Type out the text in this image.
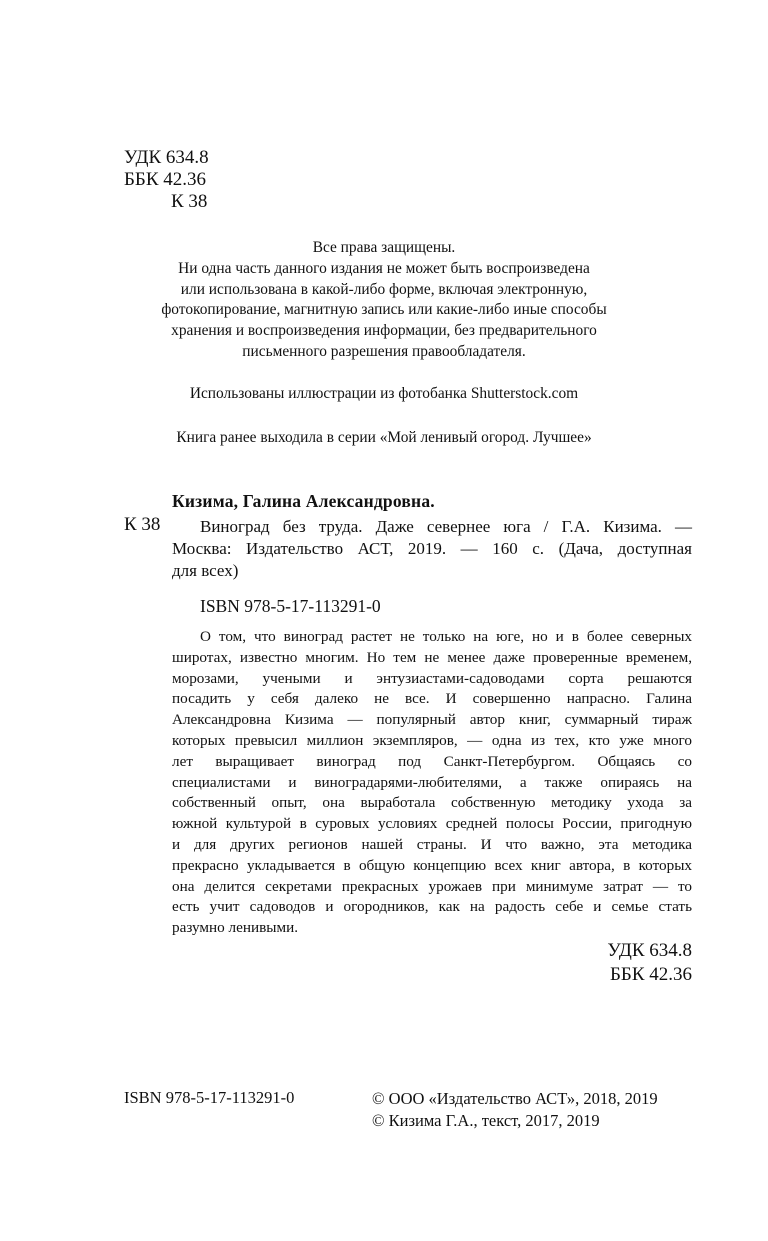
УДК 634.8
ББК 42.36
К 38
Все права защищены.
Ни одна часть данного издания не может быть воспроизведена
или использована в какой-либо форме, включая электронную,
фотокопирование, магнитную запись или какие-либо иные способы
хранения и воспроизведения информации, без предварительного
письменного разрешения правообладателя.
Использованы иллюстрации из фотобанка Shutterstock.com
Книга ранее выходила в серии «Мой ленивый огород. Лучшее»
Кизима, Галина Александровна.
К 38	Виноград без труда. Даже севернее юга / Г.А. Кизима. —
Москва: Издательство АСТ, 2019. — 160 с. (Дача, доступная
для всех)
ISBN 978-5-17-113291-0
О том, что виноград растет не только на юге, но и в более северных
широтах, известно многим. Но тем не менее даже проверенные временем,
морозами, учеными и энтузиастами-садоводами сорта решаются
посадить у себя далеко не все. И совершенно напрасно. Галина
Александровна Кизима — популярный автор книг, суммарный тираж
которых превысил миллион экземпляров, — одна из тех, кто уже много
лет выращивает виноград под Санкт-Петербургом. Общаясь со
специалистами и виноградарями-любителями, а также опираясь на
собственный опыт, она выработала собственную методику ухода за
южной культурой в суровых условиях средней полосы России, пригодную
и для других регионов нашей страны. И что важно, эта методика
прекрасно укладывается в общую концепцию всех книг автора, в которых
она делится секретами прекрасных урожаев при минимуме затрат — то
есть учит садоводов и огородников, как на радость себе и семье стать
разумно ленивыми.
УДК 634.8
ББК 42.36
ISBN 978-5-17-113291-0	© ООО «Издательство АСТ», 2018, 2019
© Кизима Г.А., текст, 2017, 2019
